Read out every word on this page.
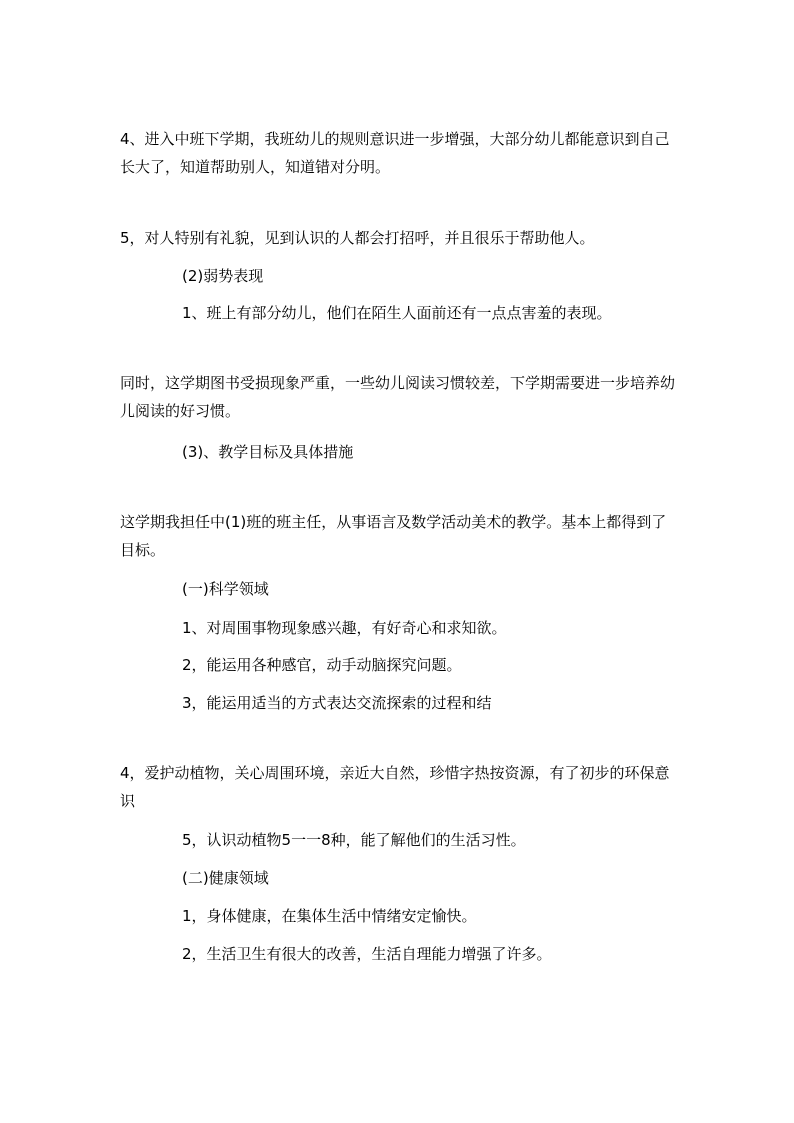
4、进入中班下学期，我班幼儿的规则意识进一步增强，大部分幼儿都能意识到自己长大了，知道帮助别人，知道错对分明。

5，对人特别有礼貌，见到认识的人都会打招呼，并且很乐于帮助他人。

(2)弱势表现

1、班上有部分幼儿，他们在陌生人面前还有一点点害羞的表现。

同时，这学期图书受损现象严重，一些幼儿阅读习惯较差，下学期需要进一步培养幼儿阅读的好习惯。

(3)、教学目标及具体措施

这学期我担任中(1)班的班主任，从事语言及数学活动美术的教学。基本上都得到了目标。

(一)科学领域

1、对周围事物现象感兴趣，有好奇心和求知欲。

2，能运用各种感官，动手动脑探究问题。

3，能运用适当的方式表达交流探索的过程和结

4，爱护动植物，关心周围环境，亲近大自然，珍惜字热按资源，有了初步的环保意识

5，认识动植物5一一8种，能了解他们的生活习性。

(二)健康领域

1，身体健康，在集体生活中情绪安定愉快。

2，生活卫生有很大的改善，生活自理能力增强了许多。
